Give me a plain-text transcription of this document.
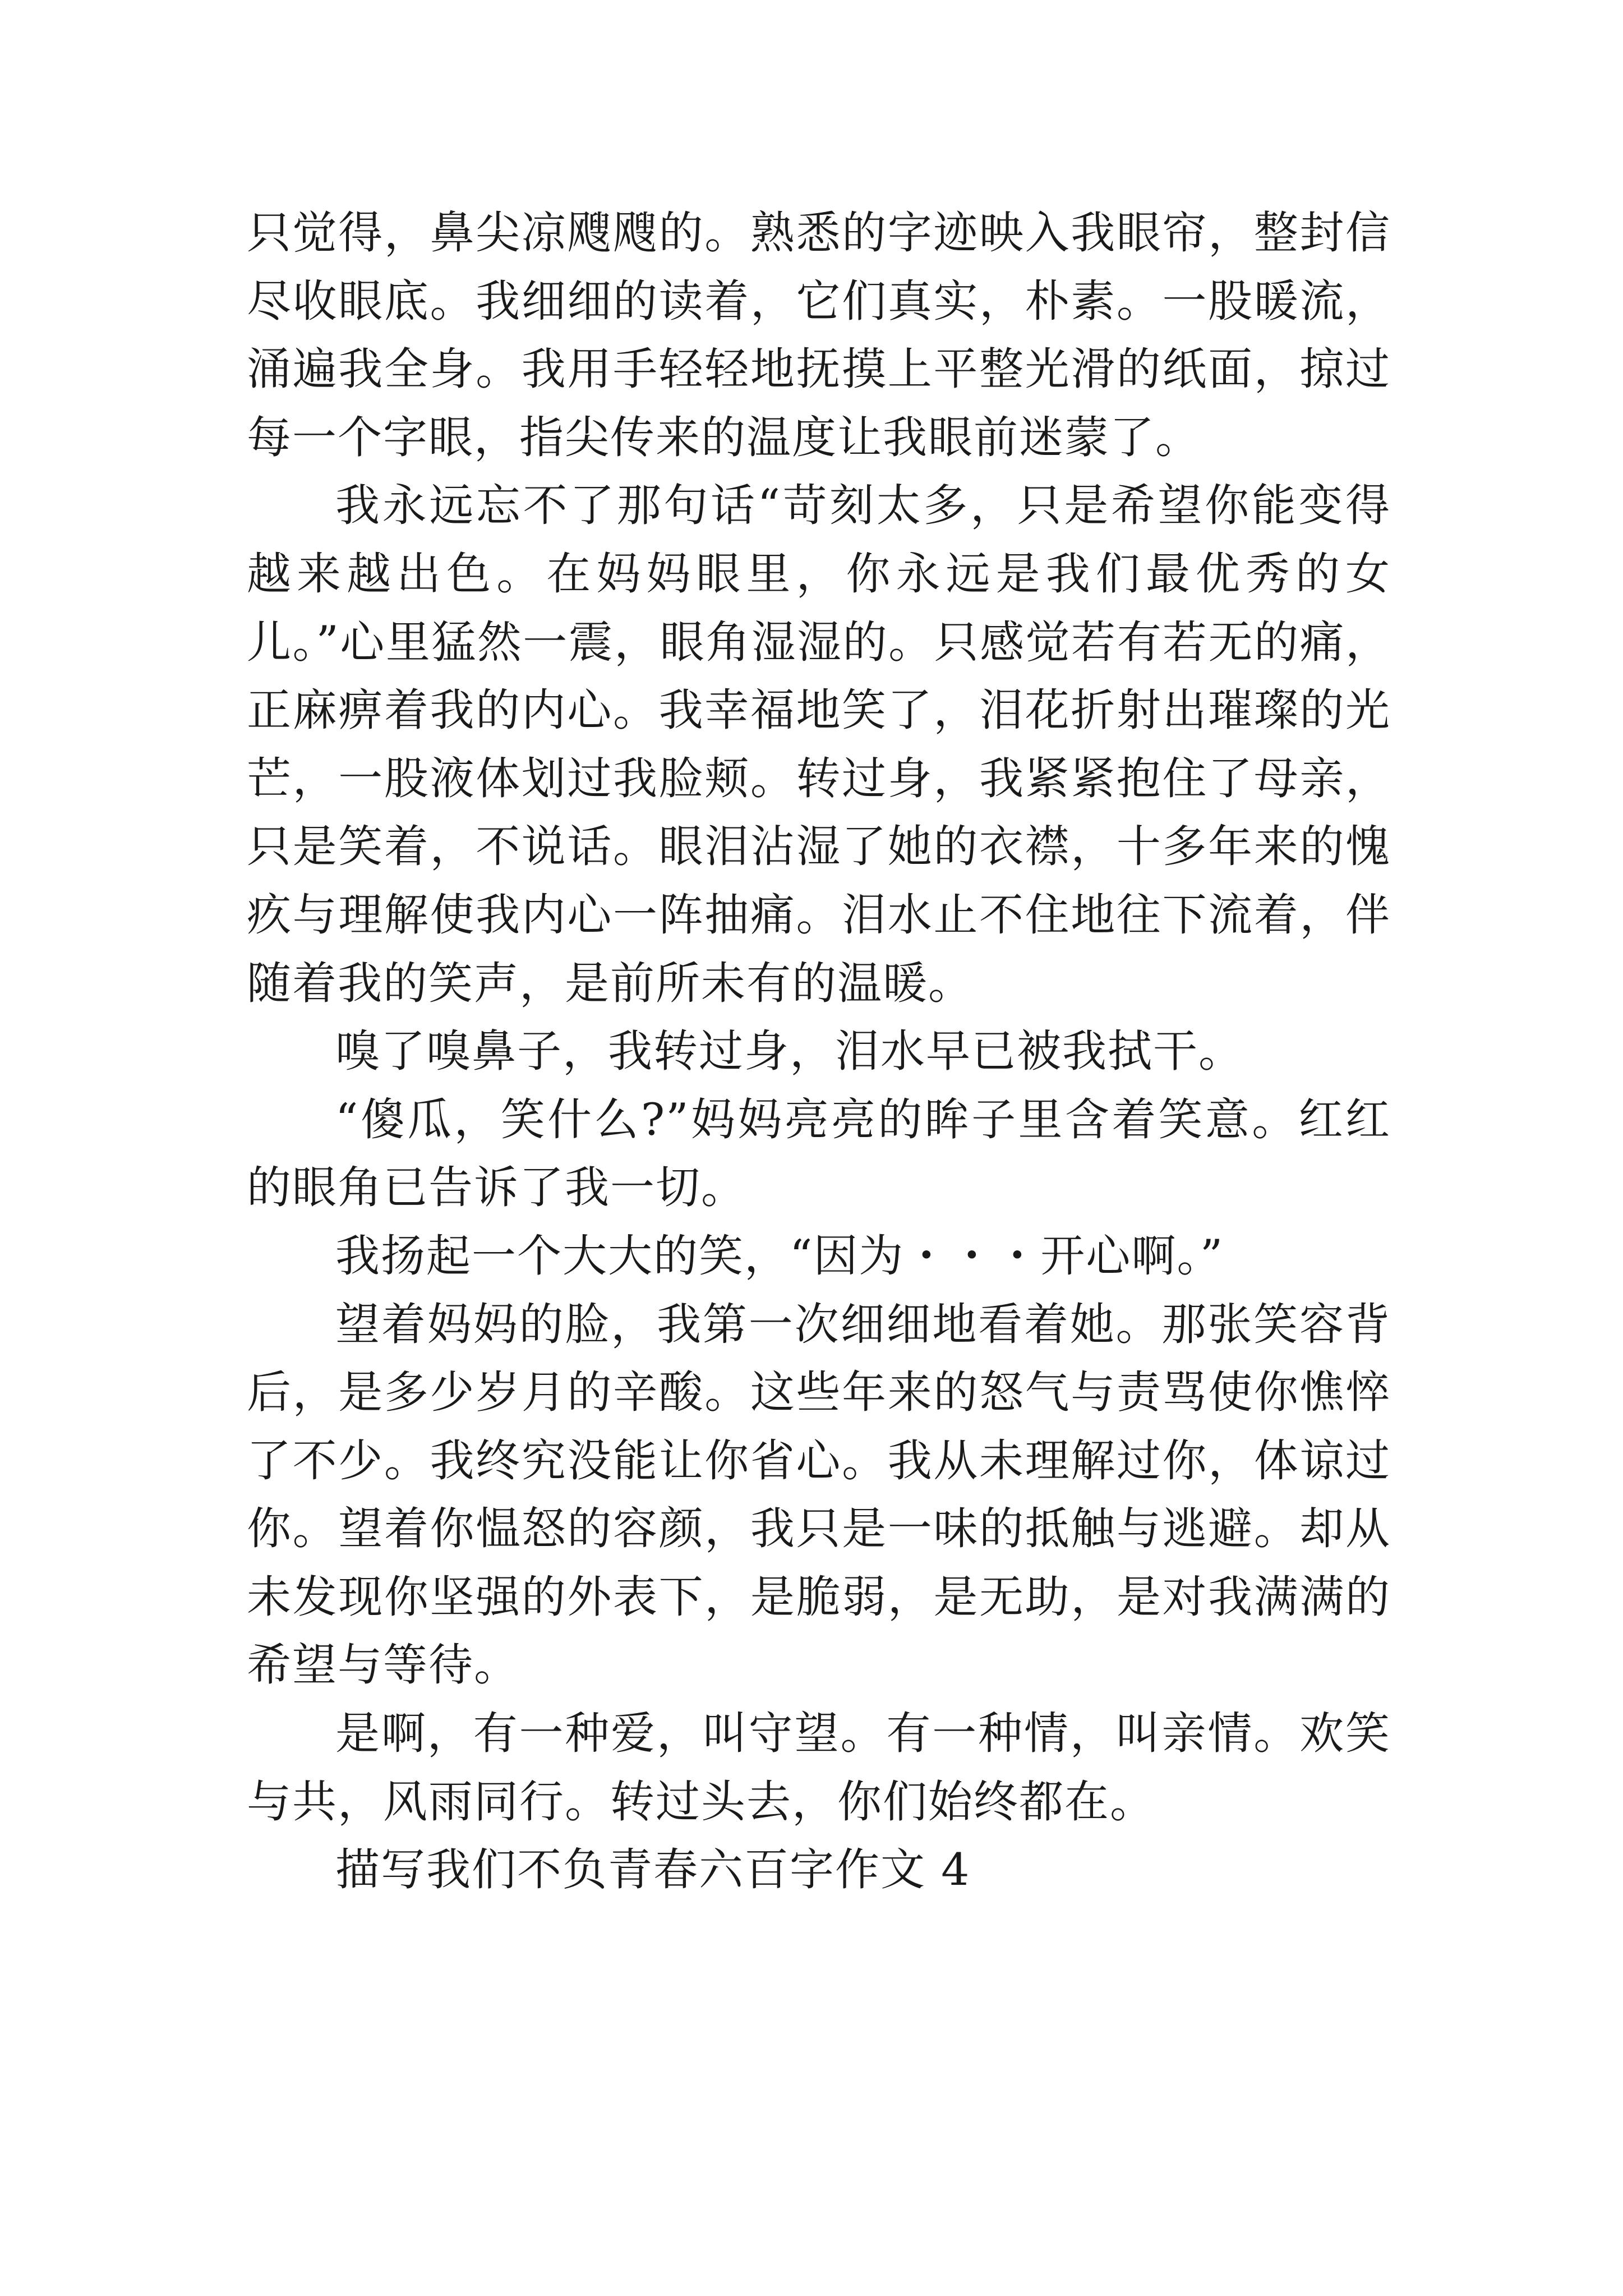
只觉得，鼻尖凉飕飕的。熟悉的字迹映入我眼帘，整封信尽收眼底。我细细的读着，它们真实，朴素。一股暖流，涌遍我全身。我用手轻轻地抚摸上平整光滑的纸面，掠过每一个字眼，指尖传来的温度让我眼前迷蒙了。

我永远忘不了那句话“苛刻太多，只是希望你能变得越来越出色。在妈妈眼里，你永远是我们最优秀的女儿。”心里猛然一震，眼角湿湿的。只感觉若有若无的痛，正麻痹着我的内心。我幸福地笑了，泪花折射出璀璨的光芒，一股液体划过我脸颊。转过身，我紧紧抱住了母亲，只是笑着，不说话。眼泪沾湿了她的衣襟，十多年来的愧疚与理解使我内心一阵抽痛。泪水止不住地往下流着，伴随着我的笑声，是前所未有的温暖。

嗅了嗅鼻子，我转过身，泪水早已被我拭干。

“傻瓜，笑什么?”妈妈亮亮的眸子里含着笑意。红红的眼角已告诉了我一切。

我扬起一个大大的笑，“因为・・・开心啊。”

望着妈妈的脸，我第一次细细地看着她。那张笑容背后，是多少岁月的辛酸。这些年来的怒气与责骂使你憔悴了不少。我终究没能让你省心。我从未理解过你，体谅过你。望着你愠怒的容颜，我只是一味的抵触与逃避。却从未发现你坚强的外表下，是脆弱，是无助，是对我满满的希望与等待。

是啊，有一种爱，叫守望。有一种情，叫亲情。欢笑与共，风雨同行。转过头去，你们始终都在。

描写我们不负青春六百字作文 4
